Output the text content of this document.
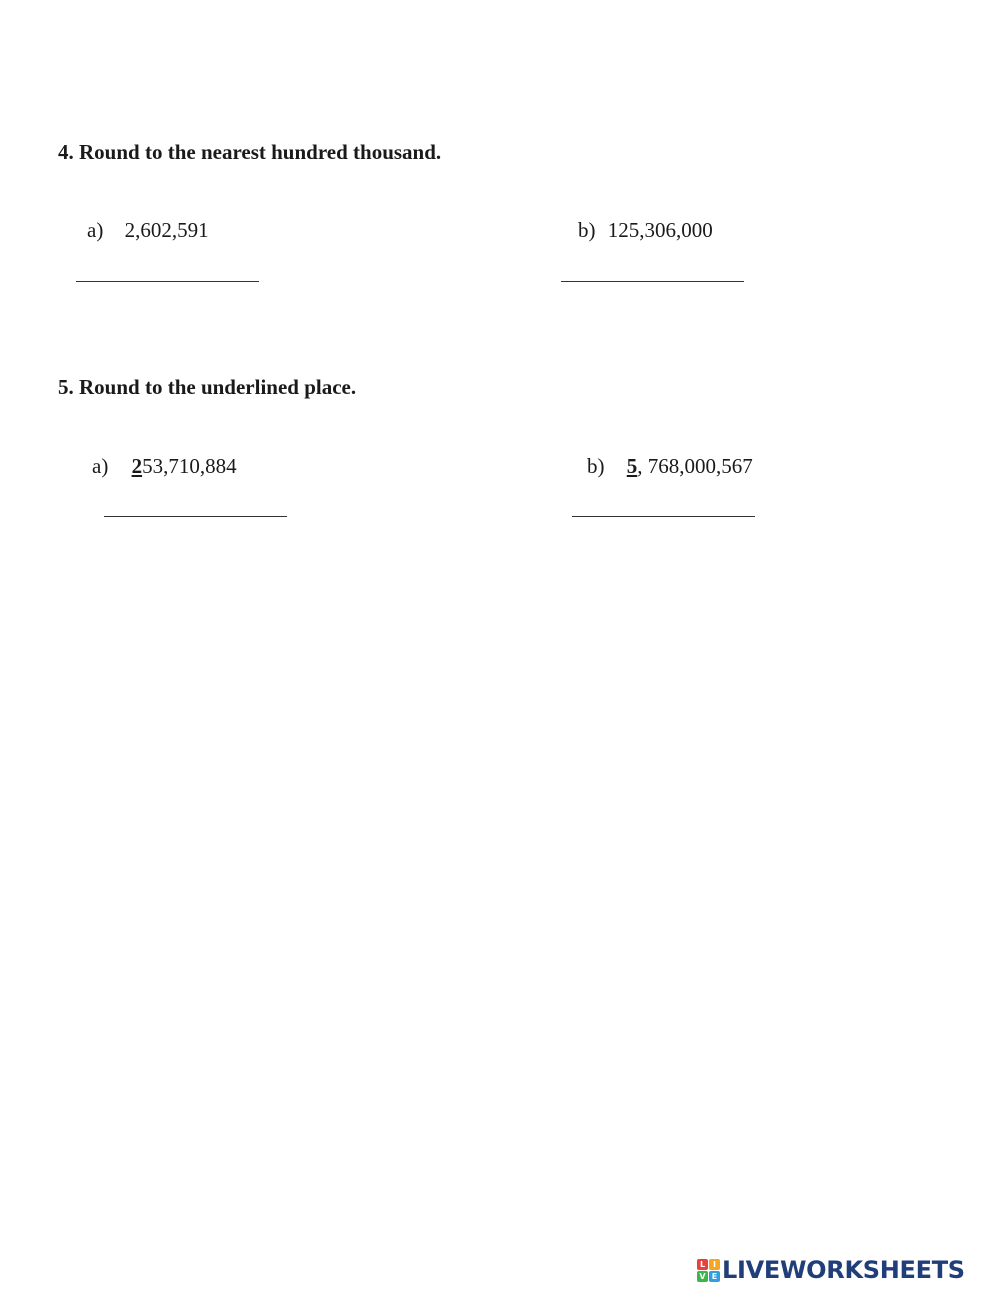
4. Round to the nearest hundred thousand.
a) 2,602,591	b) 125,306,000
5. Round to the underlined place.
a) 253,710,884	b) 5, 768,000,567
L I
V E LIVEWORKSHEETS
